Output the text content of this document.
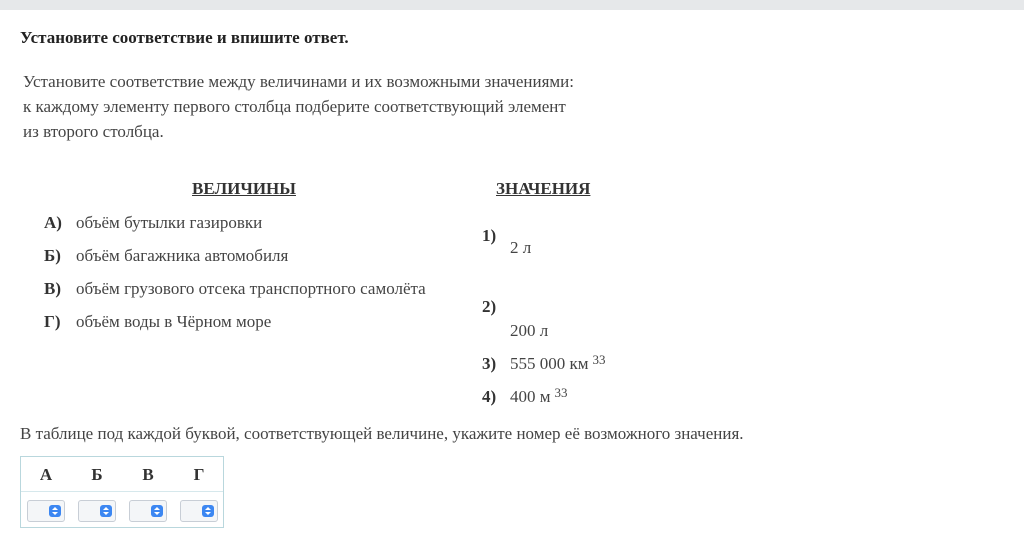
Установите соответствие и впишите ответ.
Установите соответствие между величинами и их возможными значениями:
к каждому элементу первого столбца подберите соответствующий элемент
из второго столбца.
ВЕЛИЧИНЫ
А) объём бутылки газировки
Б) объём багажника автомобиля
В) объём грузового отсека транспортного самолёта
Г) объём воды в Чёрном море
ЗНАЧЕНИЯ
1)
2 л
2)
200 л
3) 555 000 км $^{33}$
4) 400 м $^{33}$
В таблице под каждой буквой, соответствующей величине, укажите номер её возможного значения.
А	Б	В	Г
